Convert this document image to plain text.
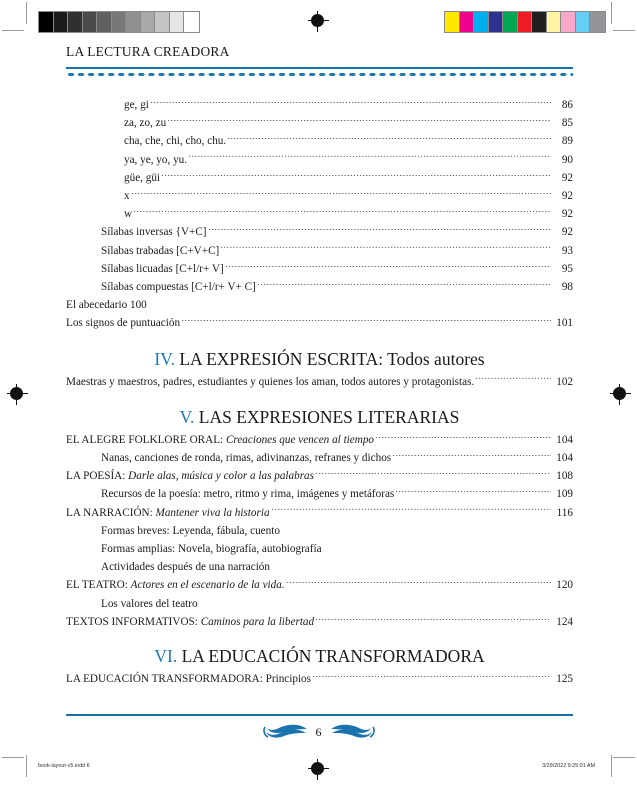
LA LECTURA CREADORA
ge, gi	86
za, zo, zu	85
cha, che, chi, cho, chu.	89
ya, ye, yo, yu.	90
güe, güi	92
x	92
w	92
Sílabas inversas {V+C]	92
Sílabas trabadas [C+V+C]	93
Sílabas licuadas [C+l/r+ V]	95
Sílabas compuestas [C+l/r+ V+ C]	98
El abecedario 100
Los signos de puntuación	101
IV. LA EXPRESIÓN ESCRITA: Todos autores
Maestras y maestros, padres, estudiantes y quienes los aman, todos autores y protagonistas.	102
V. LAS EXPRESIONES LITERARIAS
EL ALEGRE FOLKLORE ORAL: Creaciones que vencen al tiempo	104
Nanas, canciones de ronda, rimas, adivinanzas, refranes y dichos	104
LA POESÍA: Darle alas, música y color a las palabras	108
Recursos de la poesía: metro, ritmo y rima, imágenes y metáforas	109
LA NARRACIÓN: Mantener viva la historia	116
Formas breves: Leyenda, fábula, cuento
Formas amplias: Novela, biografía, autobiografía
Actividades después de una narración
EL TEATRO: Actores en el escenario de la vida.	120
Los valores del teatro
TEXTOS INFORMATIVOS: Caminos para la libertad	124
VI. LA EDUCACIÓN TRANSFORMADORA
LA EDUCACIÓN TRANSFORMADORA: Principios	125
6
book-layout-v5.indd 6	3/29/2022 9:25:01 AM
